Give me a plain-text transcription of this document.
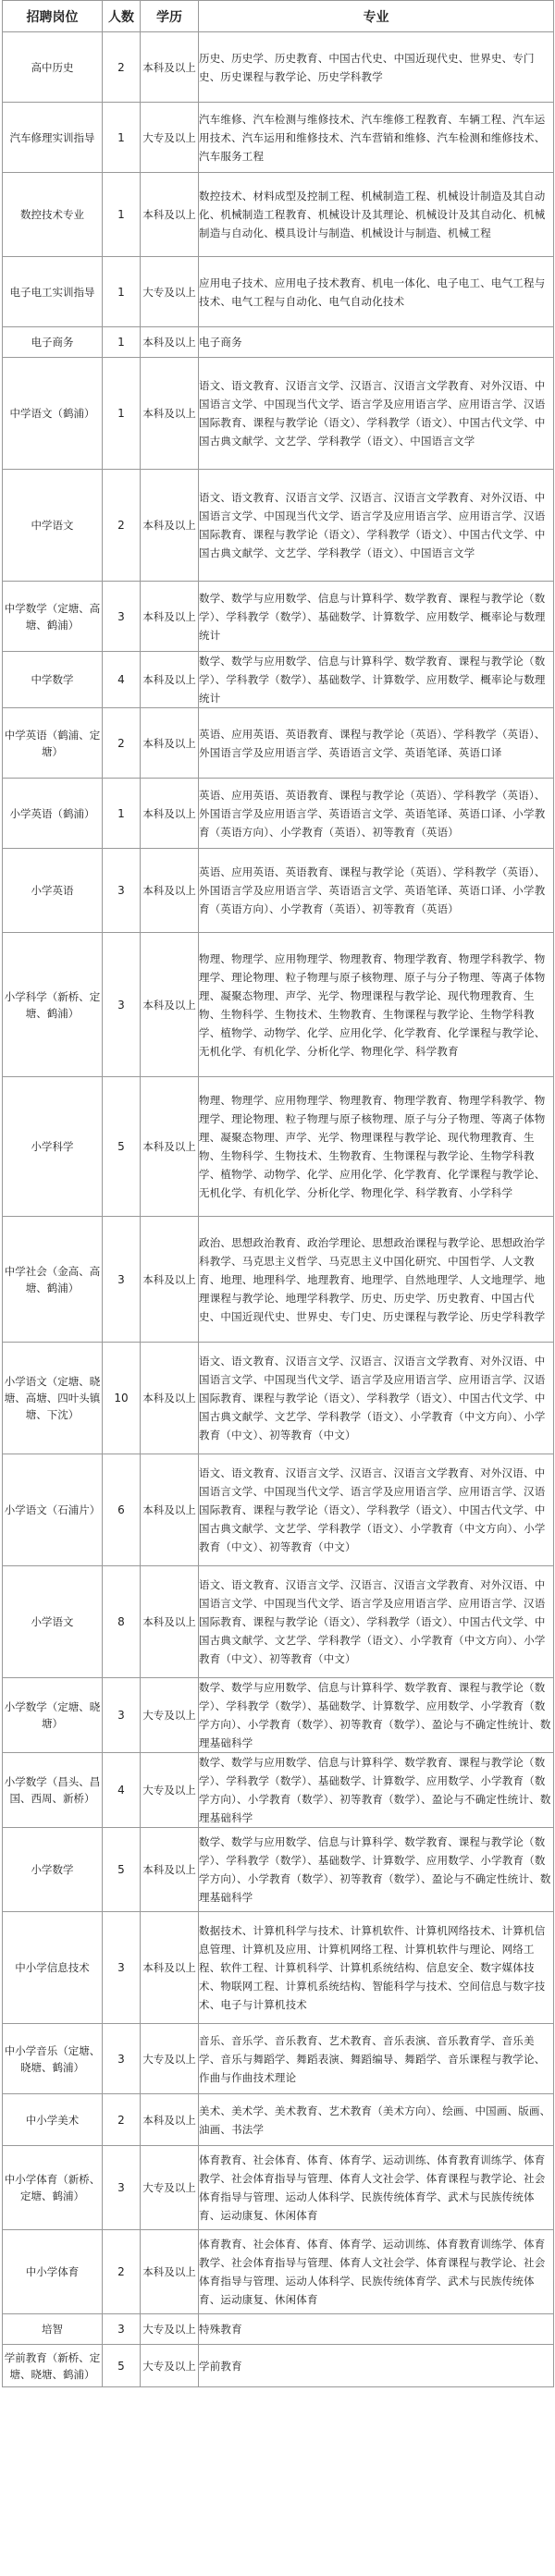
招聘岗位	人数	学历	专业
高中历史	2	本科及以上	历史、历史学、历史教育、中国古代史、中国近现代史、世界史、专门史、历史课程与教学论、历史学科教学
汽车修理实训指导	1	大专及以上	汽车维修、汽车检测与维修技术、汽车维修工程教育、车辆工程、汽车运用技术、汽车运用和维修技术、汽车营销和维修、汽车检测和维修技术、汽车服务工程
数控技术专业	1	本科及以上	数控技术、材料成型及控制工程、机械制造工程、机械设计制造及其自动化、机械制造工程教育、机械设计及其理论、机械设计及其自动化、机械制造与自动化、模具设计与制造、机械设计与制造、机械工程
电子电工实训指导	1	大专及以上	应用电子技术、应用电子技术教育、机电一体化、电子电工、电气工程与技术、电气工程与自动化、电气自动化技术
电子商务	1	本科及以上	电子商务
中学语文（鹤浦）	1	本科及以上	语文、语文教育、汉语言文学、汉语言、汉语言文学教育、对外汉语、中国语言文学、中国现当代文学、语言学及应用语言学、应用语言学、汉语国际教育、课程与教学论（语文）、学科教学（语文）、中国古代文学、中国古典文献学、文艺学、学科教学（语文）、中国语言文学
中学语文	2	本科及以上	语文、语文教育、汉语言文学、汉语言、汉语言文学教育、对外汉语、中国语言文学、中国现当代文学、语言学及应用语言学、应用语言学、汉语国际教育、课程与教学论（语文）、学科教学（语文）、中国古代文学、中国古典文献学、文艺学、学科教学（语文）、中国语言文学
中学数学（定塘、高塘、鹤浦）	3	本科及以上	数学、数学与应用数学、信息与计算科学、数学教育、课程与教学论（数学）、学科教学（数学）、基础数学、计算数学、应用数学、概率论与数理统计
中学数学	4	本科及以上	数学、数学与应用数学、信息与计算科学、数学教育、课程与教学论（数学）、学科教学（数学）、基础数学、计算数学、应用数学、概率论与数理统计
中学英语（鹤浦、定塘）	2	本科及以上	英语、应用英语、英语教育、课程与教学论（英语）、学科教学（英语）、外国语言学及应用语言学、英语语言文学、英语笔译、英语口译
小学英语（鹤浦）	1	本科及以上	英语、应用英语、英语教育、课程与教学论（英语）、学科教学（英语）、外国语言学及应用语言学、英语语言文学、英语笔译、英语口译、小学教育（英语方向）、小学教育（英语）、初等教育（英语）
小学英语	3	本科及以上	英语、应用英语、英语教育、课程与教学论（英语）、学科教学（英语）、外国语言学及应用语言学、英语语言文学、英语笔译、英语口译、小学教育（英语方向）、小学教育（英语）、初等教育（英语）
小学科学（新桥、定塘、鹤浦）	3	本科及以上	物理、物理学、应用物理学、物理教育、物理学教育、物理学科教学、物理学、理论物理、粒子物理与原子核物理、原子与分子物理、等离子体物理、凝聚态物理、声学、光学、物理课程与教学论、现代物理教育、生物、生物科学、生物技术、生物教育、生物课程与教学论、生物学科教学、植物学、动物学、化学、应用化学、化学教育、化学课程与教学论、无机化学、有机化学、分析化学、物理化学、科学教育
小学科学	5	本科及以上	物理、物理学、应用物理学、物理教育、物理学教育、物理学科教学、物理学、理论物理、粒子物理与原子核物理、原子与分子物理、等离子体物理、凝聚态物理、声学、光学、物理课程与教学论、现代物理教育、生物、生物科学、生物技术、生物教育、生物课程与教学论、生物学科教学、植物学、动物学、化学、应用化学、化学教育、化学课程与教学论、无机化学、有机化学、分析化学、物理化学、科学教育、小学科学
中学社会（金高、高塘、鹤浦）	3	本科及以上	政治、思想政治教育、政治学理论、思想政治课程与教学论、思想政治学科教学、马克思主义哲学、马克思主义中国化研究、中国哲学、人文教育、地理、地理科学、地理教育、地理学、自然地理学、人文地理学、地理课程与教学论、地理学科教学、历史、历史学、历史教育、中国古代史、中国近现代史、世界史、专门史、历史课程与教学论、历史学科教学
小学语文（定塘、晓塘、高塘、四叶头镇塘、下沈）	10	本科及以上	语文、语文教育、汉语言文学、汉语言、汉语言文学教育、对外汉语、中国语言文学、中国现当代文学、语言学及应用语言学、应用语言学、汉语国际教育、课程与教学论（语文）、学科教学（语文）、中国古代文学、中国古典文献学、文艺学、学科教学（语文）、小学教育（中文方向）、小学教育（中文）、初等教育（中文）
小学语文（石浦片）	6	本科及以上	语文、语文教育、汉语言文学、汉语言、汉语言文学教育、对外汉语、中国语言文学、中国现当代文学、语言学及应用语言学、应用语言学、汉语国际教育、课程与教学论（语文）、学科教学（语文）、中国古代文学、中国古典文献学、文艺学、学科教学（语文）、小学教育（中文方向）、小学教育（中文）、初等教育（中文）
小学语文	8	本科及以上	语文、语文教育、汉语言文学、汉语言、汉语言文学教育、对外汉语、中国语言文学、中国现当代文学、语言学及应用语言学、应用语言学、汉语国际教育、课程与教学论（语文）、学科教学（语文）、中国古代文学、中国古典文献学、文艺学、学科教学（语文）、小学教育（中文方向）、小学教育（中文）、初等教育（中文）
小学数学（定塘、晓塘）	3	大专及以上	数学、数学与应用数学、信息与计算科学、数学教育、课程与教学论（数学）、学科教学（数学）、基础数学、计算数学、应用数学、小学教育（数学方向）、小学教育（数学）、初等教育（数学）、盈论与不确定性统计、数理基础科学
小学数学（昌头、昌国、西周、新桥）	4	大专及以上	数学、数学与应用数学、信息与计算科学、数学教育、课程与教学论（数学）、学科教学（数学）、基础数学、计算数学、应用数学、小学教育（数学方向）、小学教育（数学）、初等教育（数学）、盈论与不确定性统计、数理基础科学
小学数学	5	本科及以上	数学、数学与应用数学、信息与计算科学、数学教育、课程与教学论（数学）、学科教学（数学）、基础数学、计算数学、应用数学、小学教育（数学方向）、小学教育（数学）、初等教育（数学）、盈论与不确定性统计、数理基础科学
中小学信息技术	3	本科及以上	数据技术、计算机科学与技术、计算机软件、计算机网络技术、计算机信息管理、计算机及应用、计算机网络工程、计算机软件与理论、网络工程、软件工程、计算机科学、计算机系统结构、信息安全、数字媒体技术、物联网工程、计算机系统结构、智能科学与技术、空间信息与数字技术、电子与计算机技术
中小学音乐（定塘、晓塘、鹤浦）	3	大专及以上	音乐、音乐学、音乐教育、艺术教育、音乐表演、音乐教育学、音乐美学、音乐与舞蹈学、舞蹈表演、舞蹈编导、舞蹈学、音乐课程与教学论、作曲与作曲技术理论
中小学美术	2	本科及以上	美术、美术学、美术教育、艺术教育（美术方向）、绘画、中国画、版画、油画、书法学
中小学体育（新桥、定塘、鹤浦）	3	大专及以上	体育教育、社会体育、体育、体育学、运动训练、体育教育训练学、体育教学、社会体育指导与管理、体育人文社会学、体育课程与教学论、社会体育指导与管理、运动人体科学、民族传统体育学、武术与民族传统体育、运动康复、休闲体育
中小学体育	2	本科及以上	体育教育、社会体育、体育、体育学、运动训练、体育教育训练学、体育教学、社会体育指导与管理、体育人文社会学、体育课程与教学论、社会体育指导与管理、运动人体科学、民族传统体育学、武术与民族传统体育、运动康复、休闲体育
培智	3	大专及以上	特殊教育
学前教育（新桥、定塘、晓塘、鹤浦）	5	大专及以上	学前教育
